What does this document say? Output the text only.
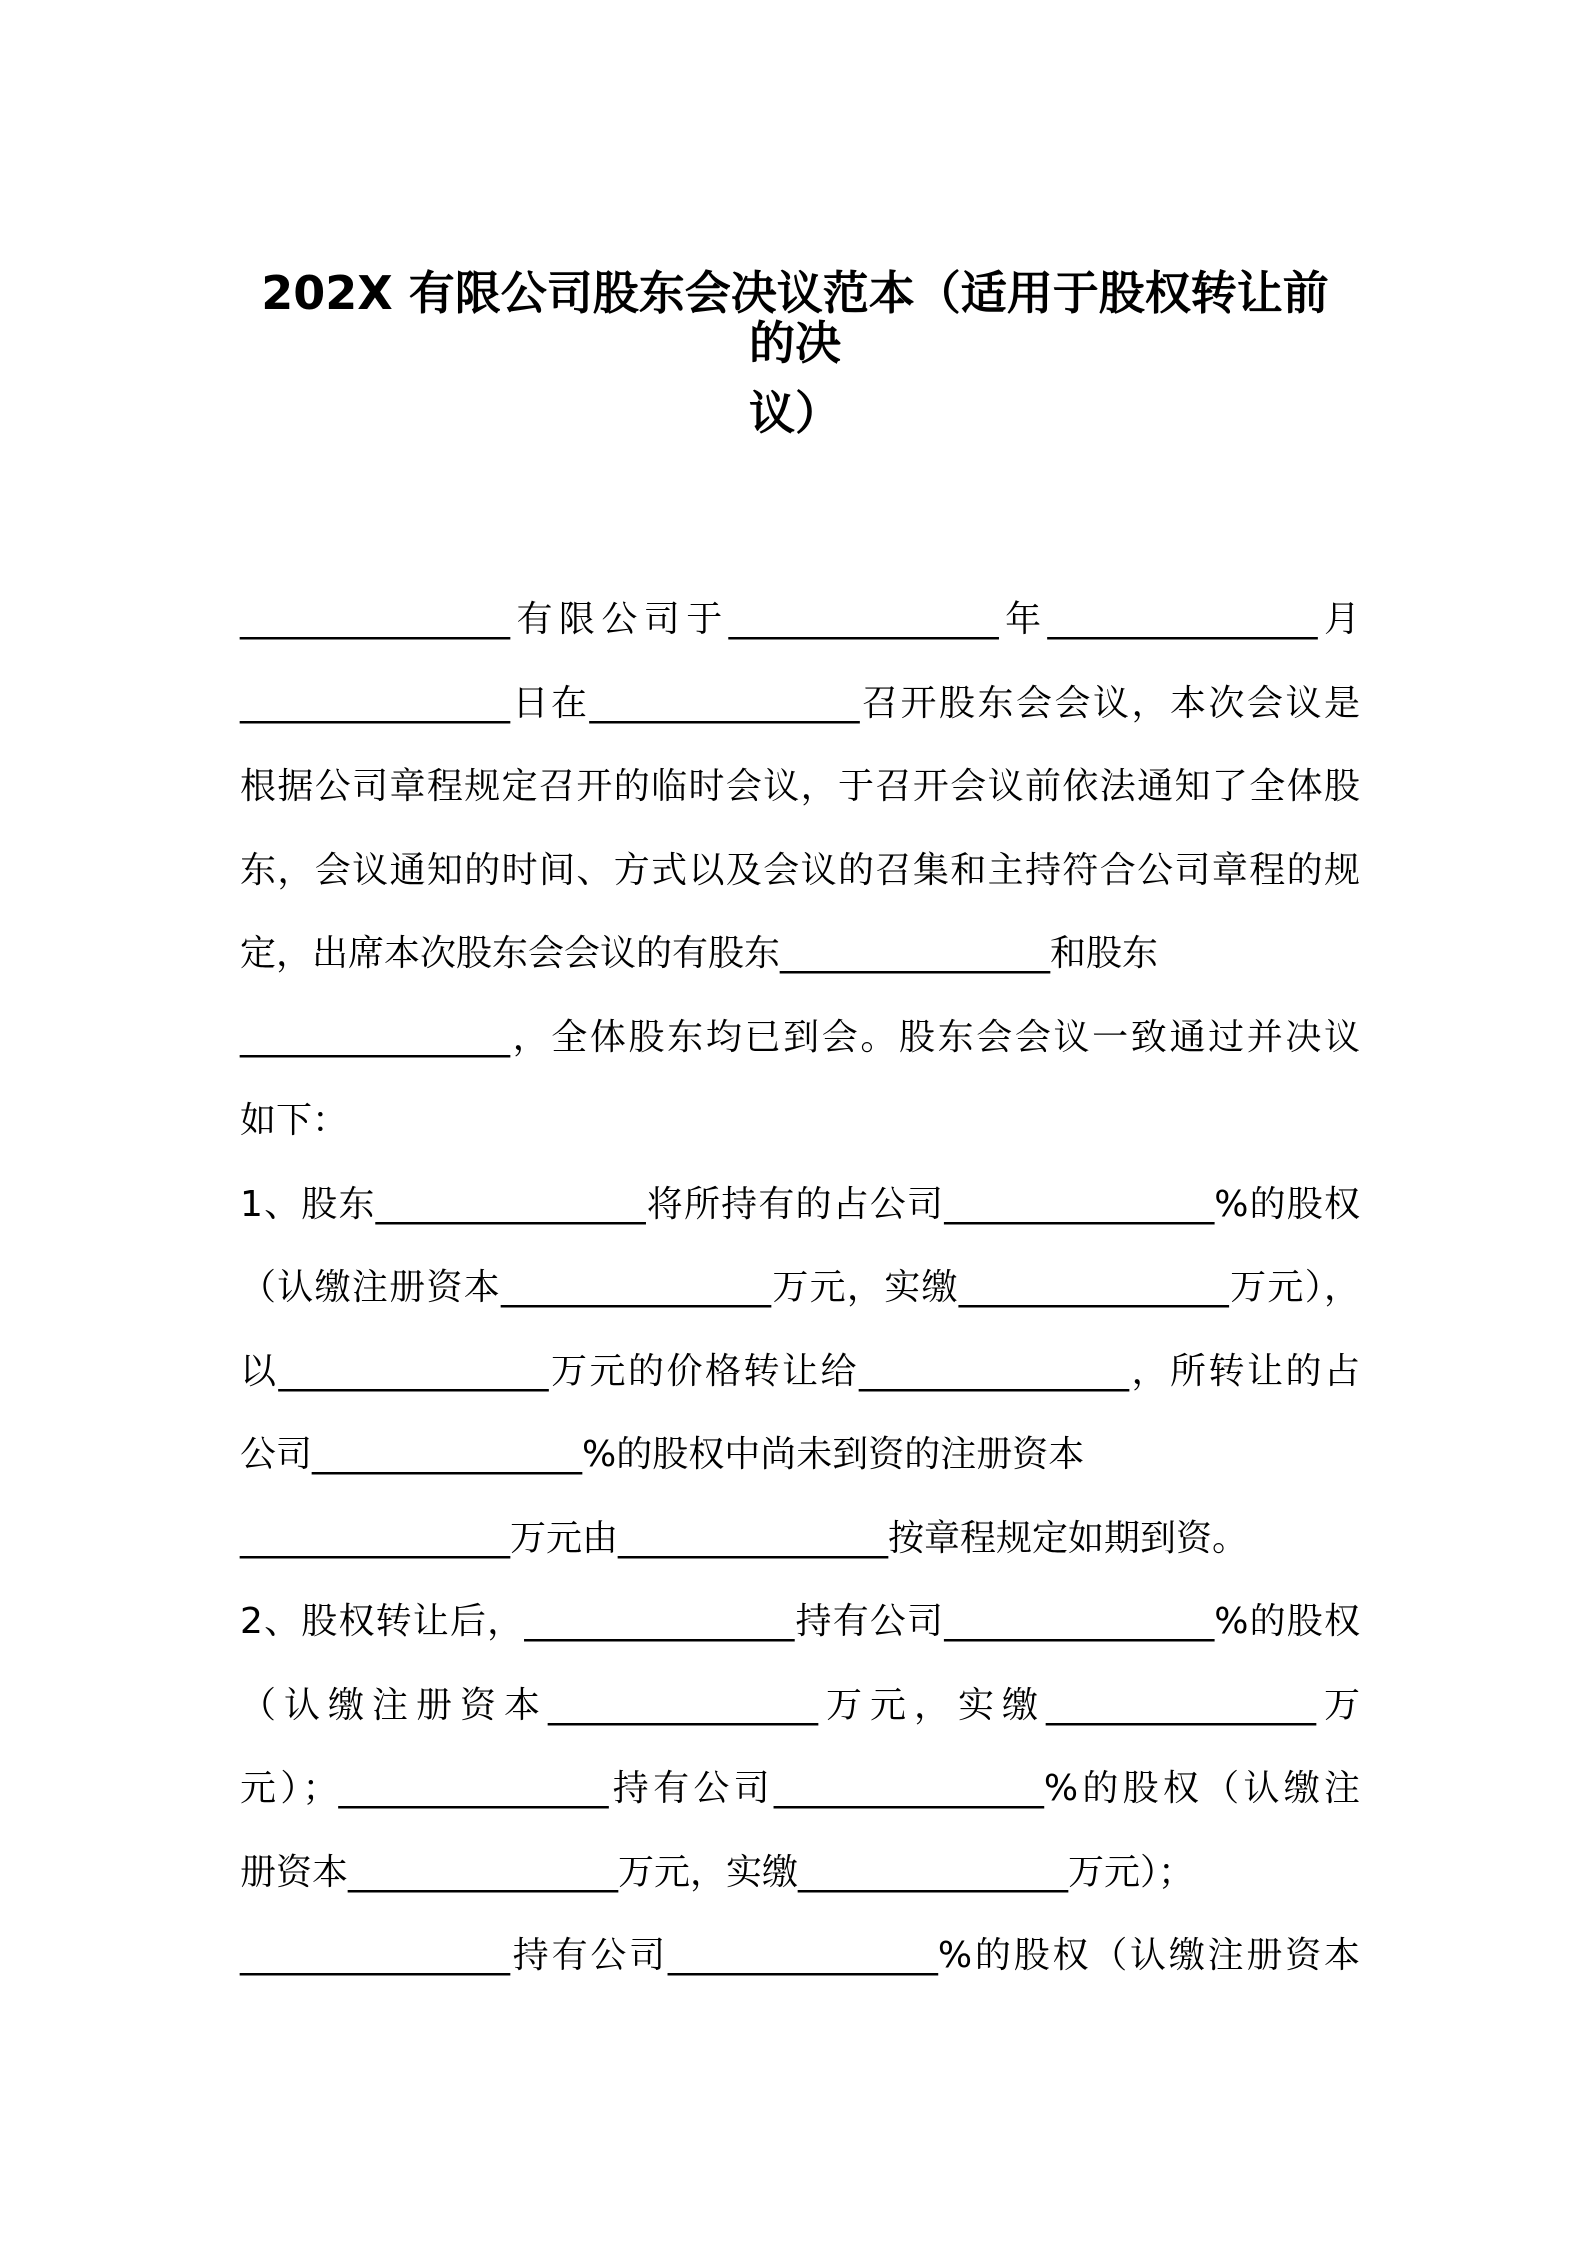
202X 有限公司股东会决议范本（适用于股权转让前的决
议）
_______________有限公司于_______________年_______________月
_______________日在_______________召开股东会会议，本次会议是
根据公司章程规定召开的临时会议，于召开会议前依法通知了全体股
东，会议通知的时间、方式以及会议的召集和主持符合公司章程的规
定，出席本次股东会会议的有股东_______________和股东
_______________，全体股东均已到会。股东会会议一致通过并决议
如下：
1、股东_______________将所持有的占公司_______________%的股权
（认缴注册资本_______________万元，实缴_______________万元），
以_______________万元的价格转让给_______________，所转让的占
公司_______________%的股权中尚未到资的注册资本
_______________万元由_______________按章程规定如期到资。
2、股权转让后，_______________持有公司_______________%的股权
（认缴注册资本_______________万元，实缴_______________万
元）；_______________持有公司_______________%的股权（认缴注
册资本_______________万元，实缴_______________万元）；
_______________持有公司_______________%的股权（认缴注册资本
